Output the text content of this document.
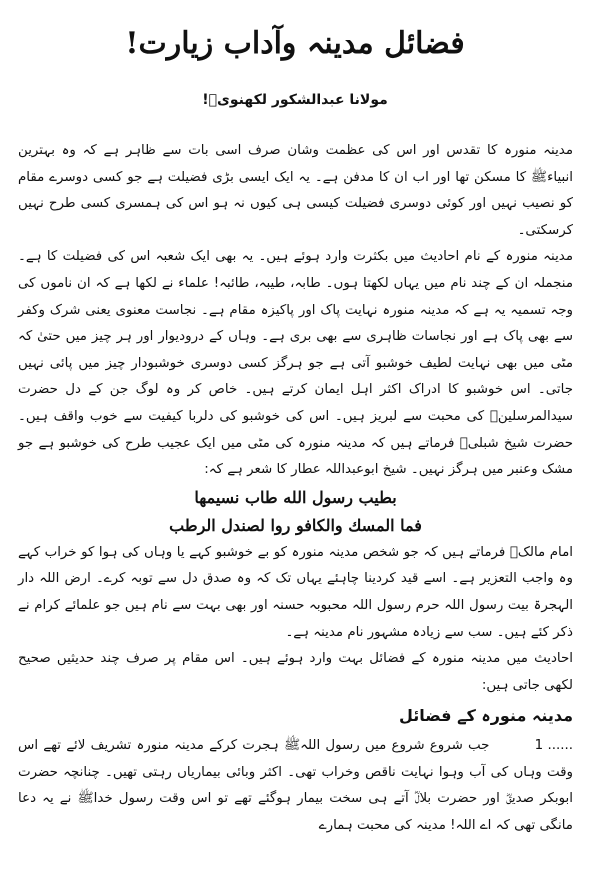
فضائل مدینہ وآداب زیارت!
مولانا عبدالشکور لکھنویؒ!

مدینہ منورہ کا تقدس اور اس کی عظمت وشان صرف اسی بات سے ظاہر ہے کہ وہ بہترین انبیاءﷺ کا مسکن تھا اور اب ان کا مدفن ہے۔ یہ ایک ایسی بڑی فضیلت ہے جو کسی دوسرے مقام کو نصیب نہیں اور کوئی دوسری فضیلت کیسی ہی کیوں نہ ہو اس کی ہمسری کسی طرح نہیں کرسکتی۔

مدینہ منورہ کے نام احادیث میں بکثرت وارد ہوئے ہیں۔ یہ بھی ایک شعبہ اس کی فضیلت کا ہے۔ منجملہ ان کے چند نام میں یہاں لکھتا ہوں۔ طابہ، طیبہ، طائبہ! علماء نے لکھا ہے کہ ان ناموں کی وجہ تسمیہ یہ ہے کہ مدینہ منورہ نہایت پاک اور پاکیزہ مقام ہے۔ نجاست معنوی یعنی شرک وکفر سے بھی پاک ہے اور نجاسات ظاہری سے بھی بری ہے۔ وہاں کے درودیوار اور ہر چیز میں حتیٰ کہ مٹی میں بھی نہایت لطیف خوشبو آتی ہے جو ہرگز کسی دوسری خوشبودار چیز میں پائی نہیں جاتی۔ اس خوشبو کا ادراک اکثر اہل ایمان کرتے ہیں۔ خاص کر وہ لوگ جن کے دل حضرت سیدالمرسلینﷺ کی محبت سے لبریز ہیں۔ اس کی خوشبو کی دلربا کیفیت سے خوب واقف ہیں۔ حضرت شیخ شبلیؒ فرماتے ہیں کہ مدینہ منورہ کی مٹی میں ایک عجیب طرح کی خوشبو ہے جو مشک وعنبر میں ہرگز نہیں۔ شیخ ابوعبداللہ عطار کا شعر ہے کہ:

بطيب رسول الله طاب نسيمها

فما المسك والكافو روا لصندل الرطب

امام مالکؒ فرماتے ہیں کہ جو شخص مدینہ منورہ کو بے خوشبو کہے یا وہاں کی ہوا کو خراب کہے وہ واجب التعزیر ہے۔ اسے قید کردینا چاہئے یہاں تک کہ وہ صدق دل سے توبہ کرے۔ ارض اللہ دار الہجرۃ بیت رسول اللہ حرم رسول اللہ محبوبہ حسنہ اور بھی بہت سے نام ہیں جو علمائے کرام نے ذکر کئے ہیں۔ سب سے زیادہ مشہور نام مدینہ ہے۔

احادیث میں مدینہ منورہ کے فضائل بہت وارد ہوئے ہیں۔ اس مقام پر صرف چند حدیثیں صحیح لکھی جاتی ہیں:

مدینہ منورہ کے فضائل

1 ...... جب شروع شروع میں رسول اللہﷺ ہجرت کرکے مدینہ منورہ تشریف لائے تھے اس وقت وہاں کی آب وہوا نہایت ناقص وخراب تھی۔ اکثر وبائی بیماریاں رہتی تھیں۔ چنانچہ حضرت ابوبکر صدیقؓ اور حضرت بلالؓ آتے ہی سخت بیمار ہوگئے تھے تو اس وقت رسول خداﷺ نے یہ دعا مانگی تھی کہ اے اللہ! مدینہ کی محبت ہمارے
